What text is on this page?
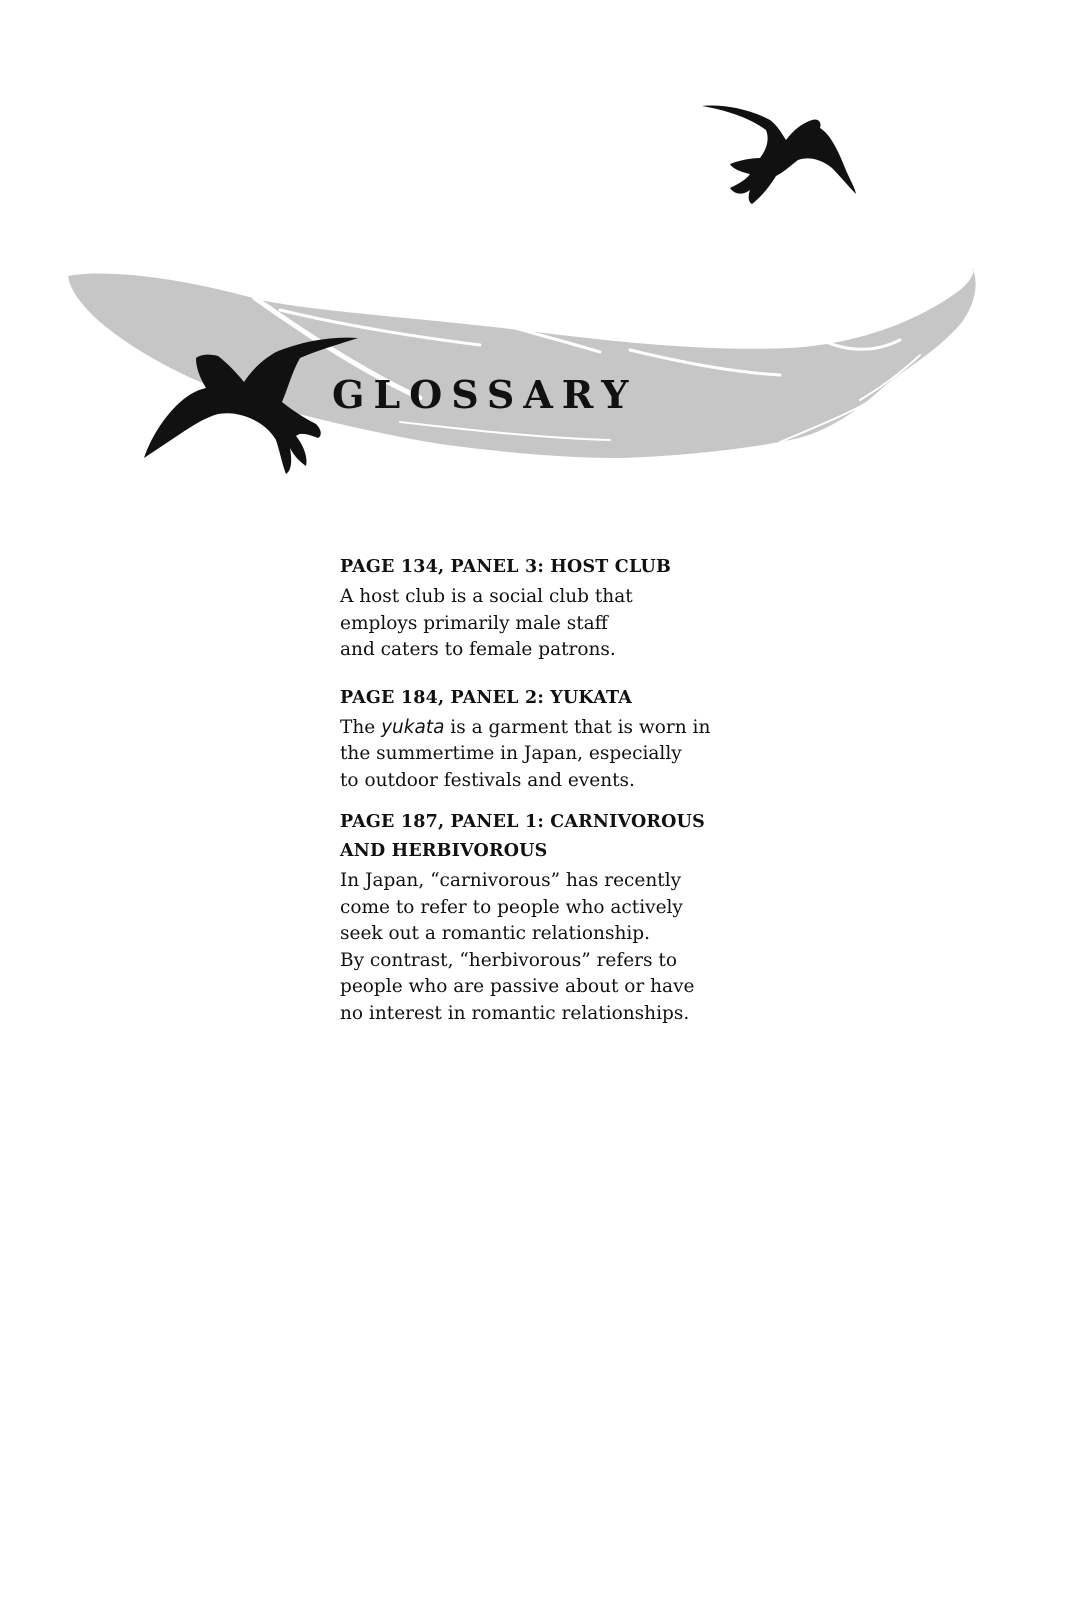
GLOSSARY

PAGE 134, PANEL 3: HOST CLUB

A host club is a social club that

employs primarily male staff

and caters to female patrons.

PAGE 184, PANEL 2: YUKATA

The yukata is a garment that is worn in

the summertime in Japan, especially

to outdoor festivals and events.

PAGE 187, PANEL 1: CARNIVOROUS

AND HERBIVOROUS

In Japan, “carnivorous” has recently

come to refer to people who actively

seek out a romantic relationship.

By contrast, “herbivorous” refers to

people who are passive about or have

no interest in romantic relationships.
